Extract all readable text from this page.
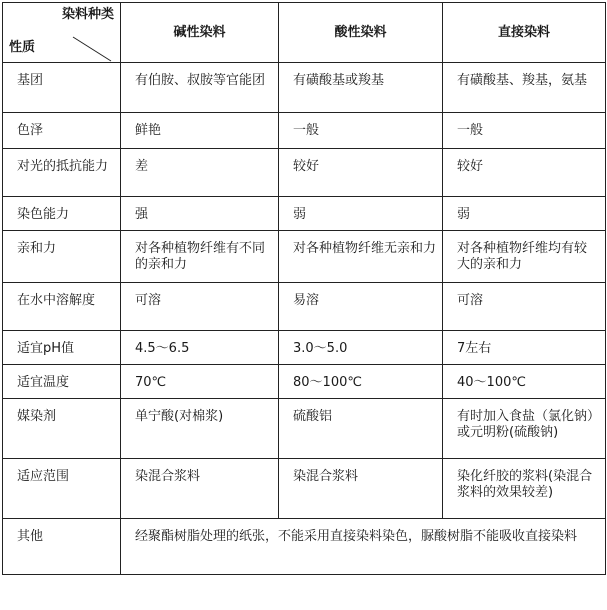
染料种类
性质	碱性染料	酸性染料	直接染料
基团	有伯胺、叔胺等官能团	有磺酸基或羧基	有磺酸基、羧基，氨基
色泽	鲜艳	一般	一般
对光的抵抗能力	差	较好	较好
染色能力	强	弱	弱
亲和力	对各种植物纤维有不同的亲和力	对各种植物纤维无亲和力	对各种植物纤维均有较大的亲和力
在水中溶解度	可溶	易溶	可溶
适宜pH值	4.5～6.5	3.0～5.0	7左右
适宜温度	70℃	80～100℃	40～100℃
媒染剂	单宁酸(对棉浆)	硫酸铝	有时加入食盐（氯化钠）或元明粉(硫酸钠)
适应范围	染混合浆料	染混合浆料	染化纤胶的浆料(染混合浆料的效果较差)
其他	经聚酯树脂处理的纸张，不能采用直接染料染色，脲酸树脂不能吸收直接染料		
